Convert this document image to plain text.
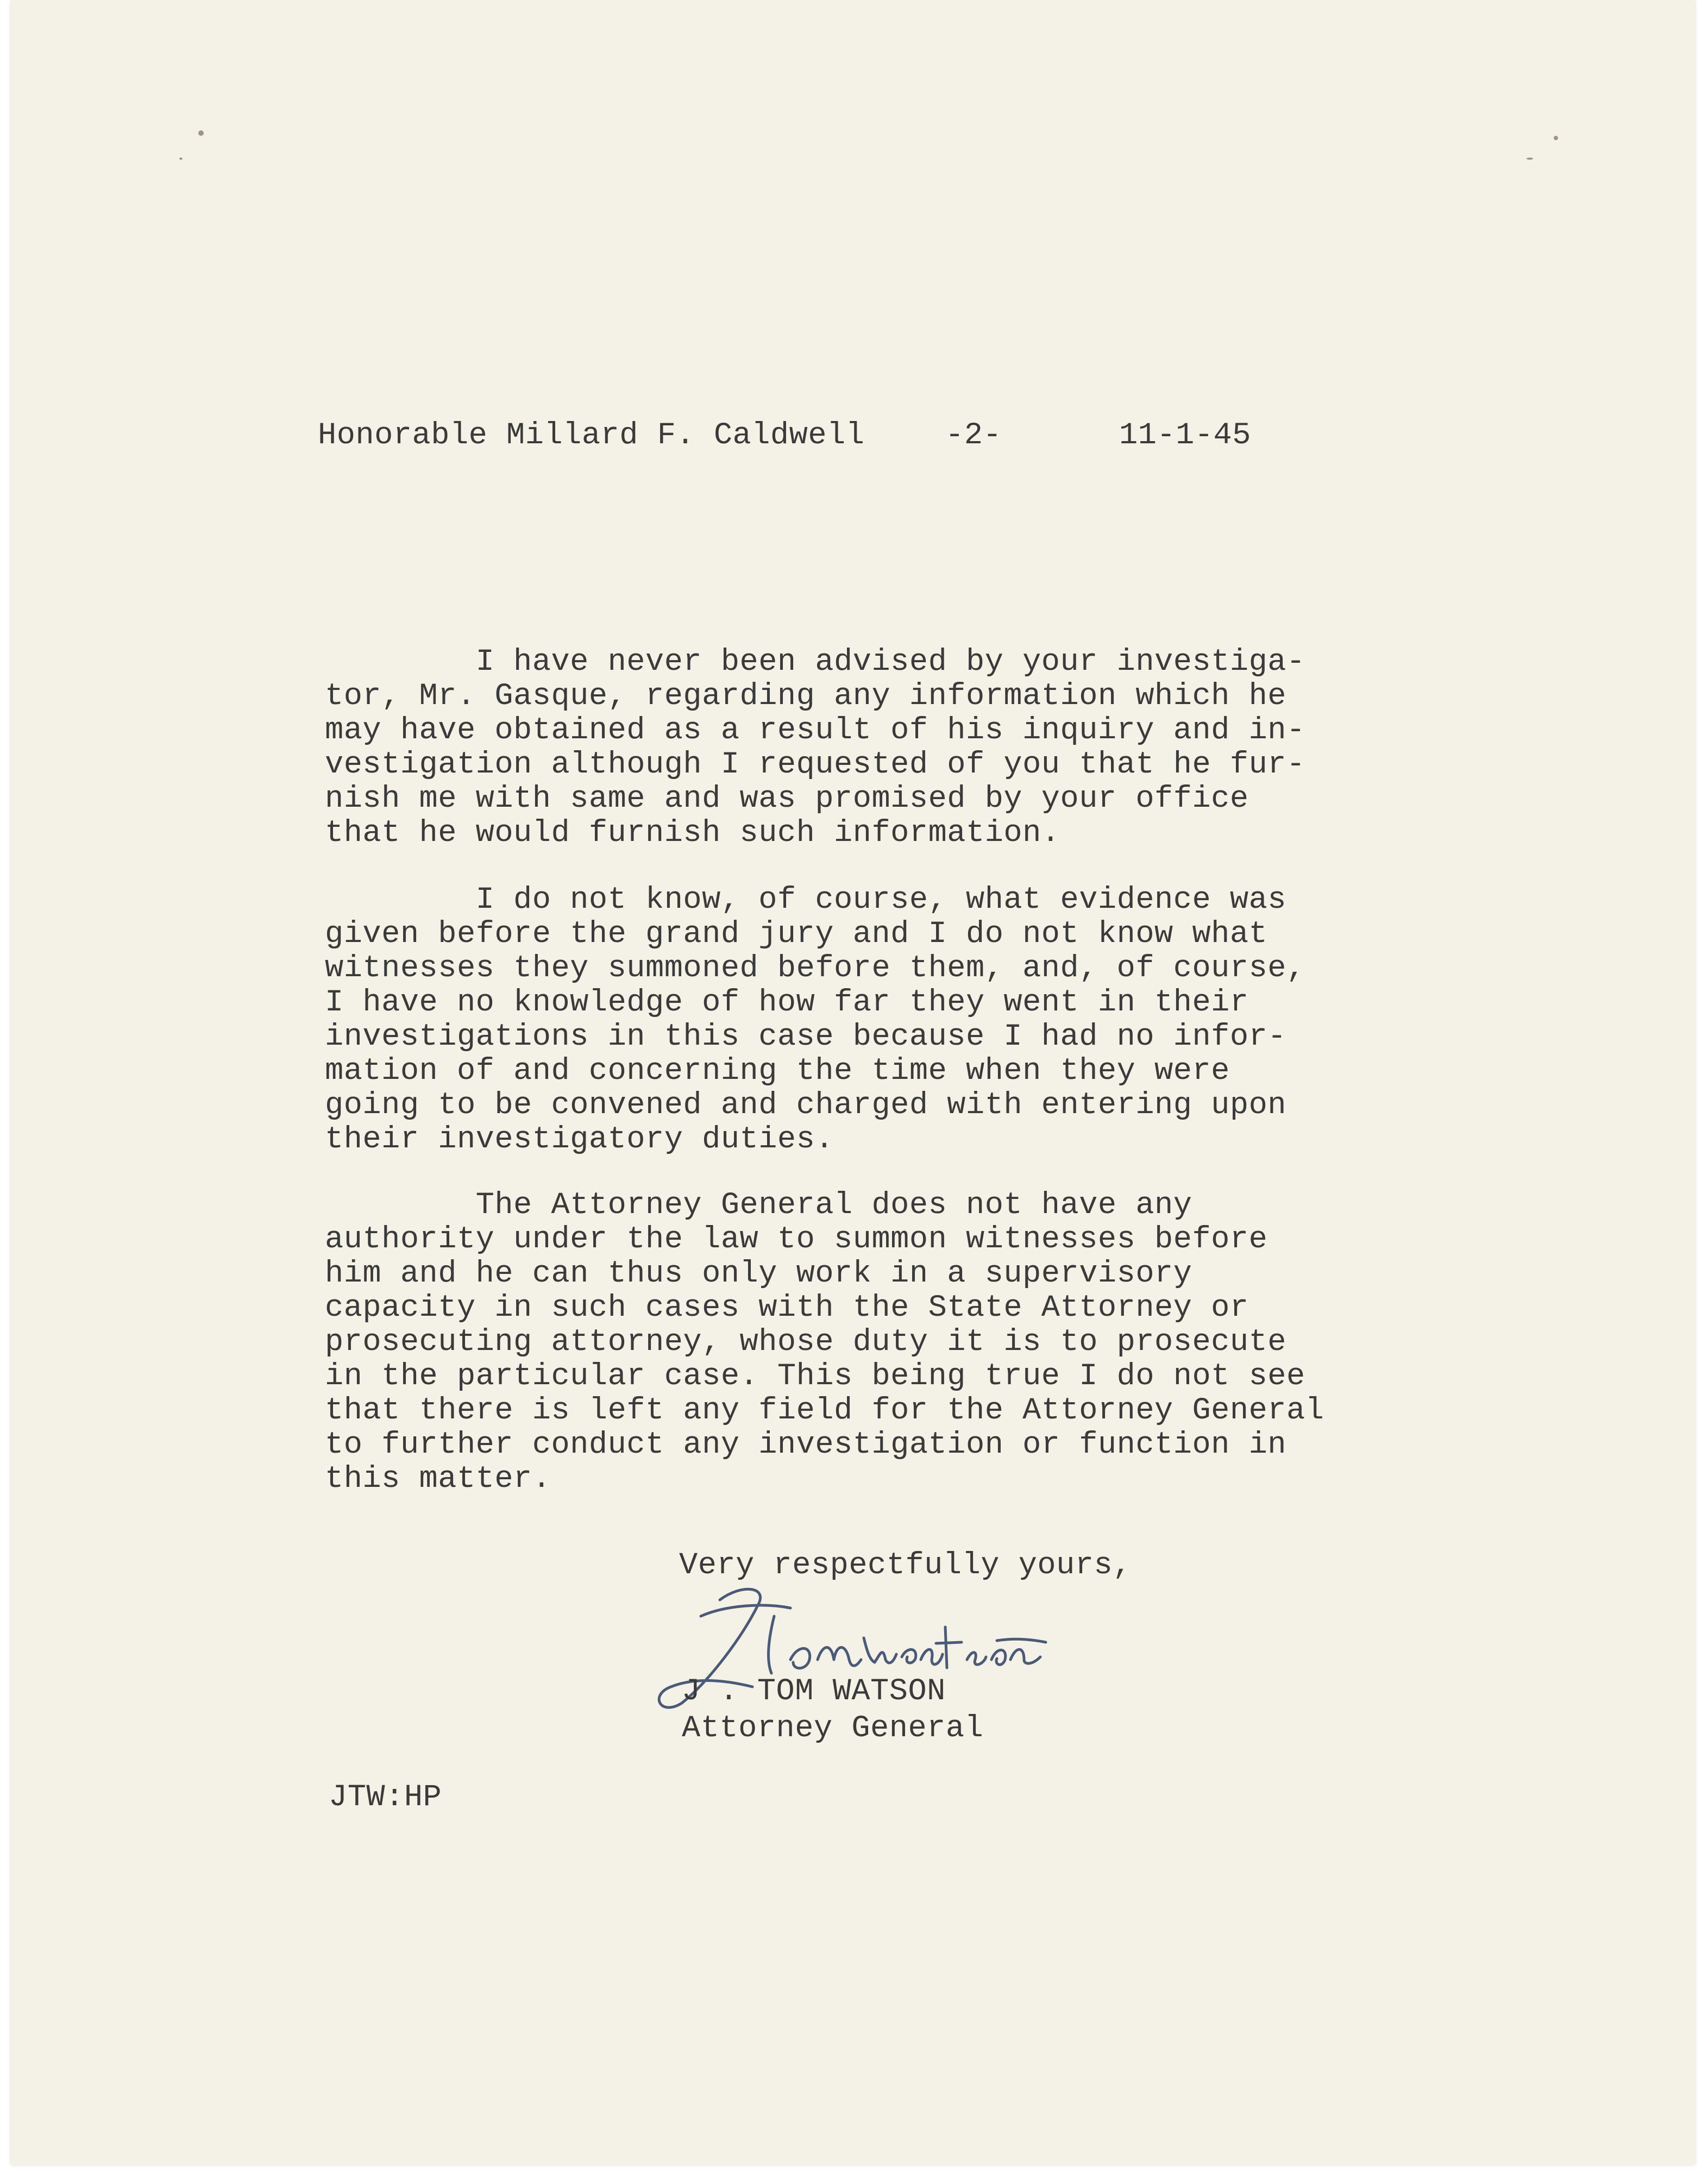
Honorable Millard F. Caldwell

	-2-

	11-1-45

I have never been advised by your investiga-
tor, Mr. Gasque, regarding any information which he
may have obtained as a result of his inquiry and in-
vestigation although I requested of you that he fur-
nish me with same and was promised by your office
that he would furnish such information.

I do not know, of course, what evidence was
given before the grand jury and I do not know what
witnesses they summoned before them, and, of course,
I have no knowledge of how far they went in their
investigations in this case because I had no infor-
mation of and concerning the time when they were
going to be convened and charged with entering upon
their investigatory duties.

The Attorney General does not have any
authority under the law to summon witnesses before
him and he can thus only work in a supervisory
capacity in such cases with the State Attorney or
prosecuting attorney, whose duty it is to prosecute
in the particular case. This being true I do not see
that there is left any field for the Attorney General
to further conduct any investigation or function in
this matter.

Very respectfully yours,

J . TOM WATSON

Attorney General

JTW:HP
